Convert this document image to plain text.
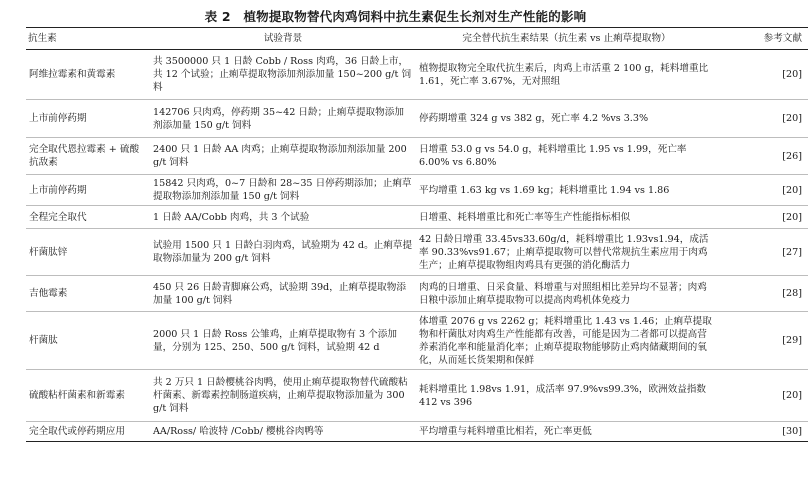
表 2　植物提取物替代肉鸡饲料中抗生素促生长剂对生产性能的影响
抗生素	试验背景	完全替代抗生素结果（抗生素 vs 止痢草提取物）	参考文献
阿维拉霉素和黄霉素	共 3500000 只 1 日龄 Cobb / Ross 肉鸡，36 日龄上市，共 12 个试验；止痢草提取物添加剂添加量 150~200 g/t 饲料	植物提取物完全取代抗生素后，肉鸡上市活重 2 100 g，耗料增重比 1.61，死亡率 3.67%，无对照组	[20]
上市前停药期	142706 只肉鸡，停药期 35~42 日龄；止痢草提取物添加剂添加量 150 g/t 饲料	停药期增重 324 g vs 382 g，死亡率 4.2 %vs 3.3%	[20]
完全取代恩拉霉素 + 硫酸抗敌素	2400 只 1 日龄 AA 肉鸡；止痢草提取物添加剂添加量 200 g/t 饲料	日增重 53.0 g vs 54.0 g，耗料增重比 1.95 vs 1.99，死亡率 6.00% vs 6.80%	[26]
上市前停药期	15842 只肉鸡，0~7 日龄和 28~35 日停药期添加；止痢草提取物添加剂添加量 150 g/t 饲料	平均增重 1.63 kg vs 1.69 kg；耗料增重比 1.94 vs 1.86	[20]
全程完全取代	1 日龄 AA/Cobb 肉鸡，共 3 个试验	日增重、耗料增重比和死亡率等生产性能指标相似	[20]
杆菌肽锌	试验用 1500 只 1 日龄白羽肉鸡，试验期为 42 d。止痢草提取物添加量为 200 g/t 饲料	42 日龄日增重 33.45vs33.60g/d，耗料增重比 1.93vs1.94，成活率 90.33%vs91.67；止痢草提取物可以替代常规抗生素应用于肉鸡生产；止痢草提取物组肉鸡具有更强的消化酶活力	[27]
吉他霉素	450 只 26 日龄青脚麻公鸡，试验期 39d，止痢草提取物添加量 100 g/t 饲料	肉鸡的日增重、日采食量、料增重与对照组相比差异均不显著；肉鸡日粮中添加止痢草提取物可以提高肉鸡机体免疫力	[28]
杆菌肽	2000 只 1 日龄 Ross 公雏鸡，止痢草提取物有 3 个添加量，分别为 125、250、500 g/t 饲料，试验期 42 d	体增重 2076 g vs 2262 g；耗料增重比 1.43 vs 1.46；止痢草提取物和杆菌肽对肉鸡生产性能都有改善，可能是因为二者都可以提高营养素消化率和能量消化率；止痢草提取物能够防止鸡肉储藏期间的氧化，从而延长货架期和保鲜	[29]
硫酸粘杆菌素和新霉素	共 2 万只 1 日龄樱桃谷肉鸭，使用止痢草提取物替代硫酸粘杆菌素、新霉素控制肠道疾病，止痢草提取物添加量为 300 g/t 饲料	耗料增重比 1.98vs 1.91，成活率 97.9%vs99.3%，欧洲效益指数 412 vs 396	[20]
完全取代或停药期应用	AA/Ross/ 哈波特 /Cobb/ 樱桃谷肉鸭等	平均增重与耗料增重比相若，死亡率更低	[30]
